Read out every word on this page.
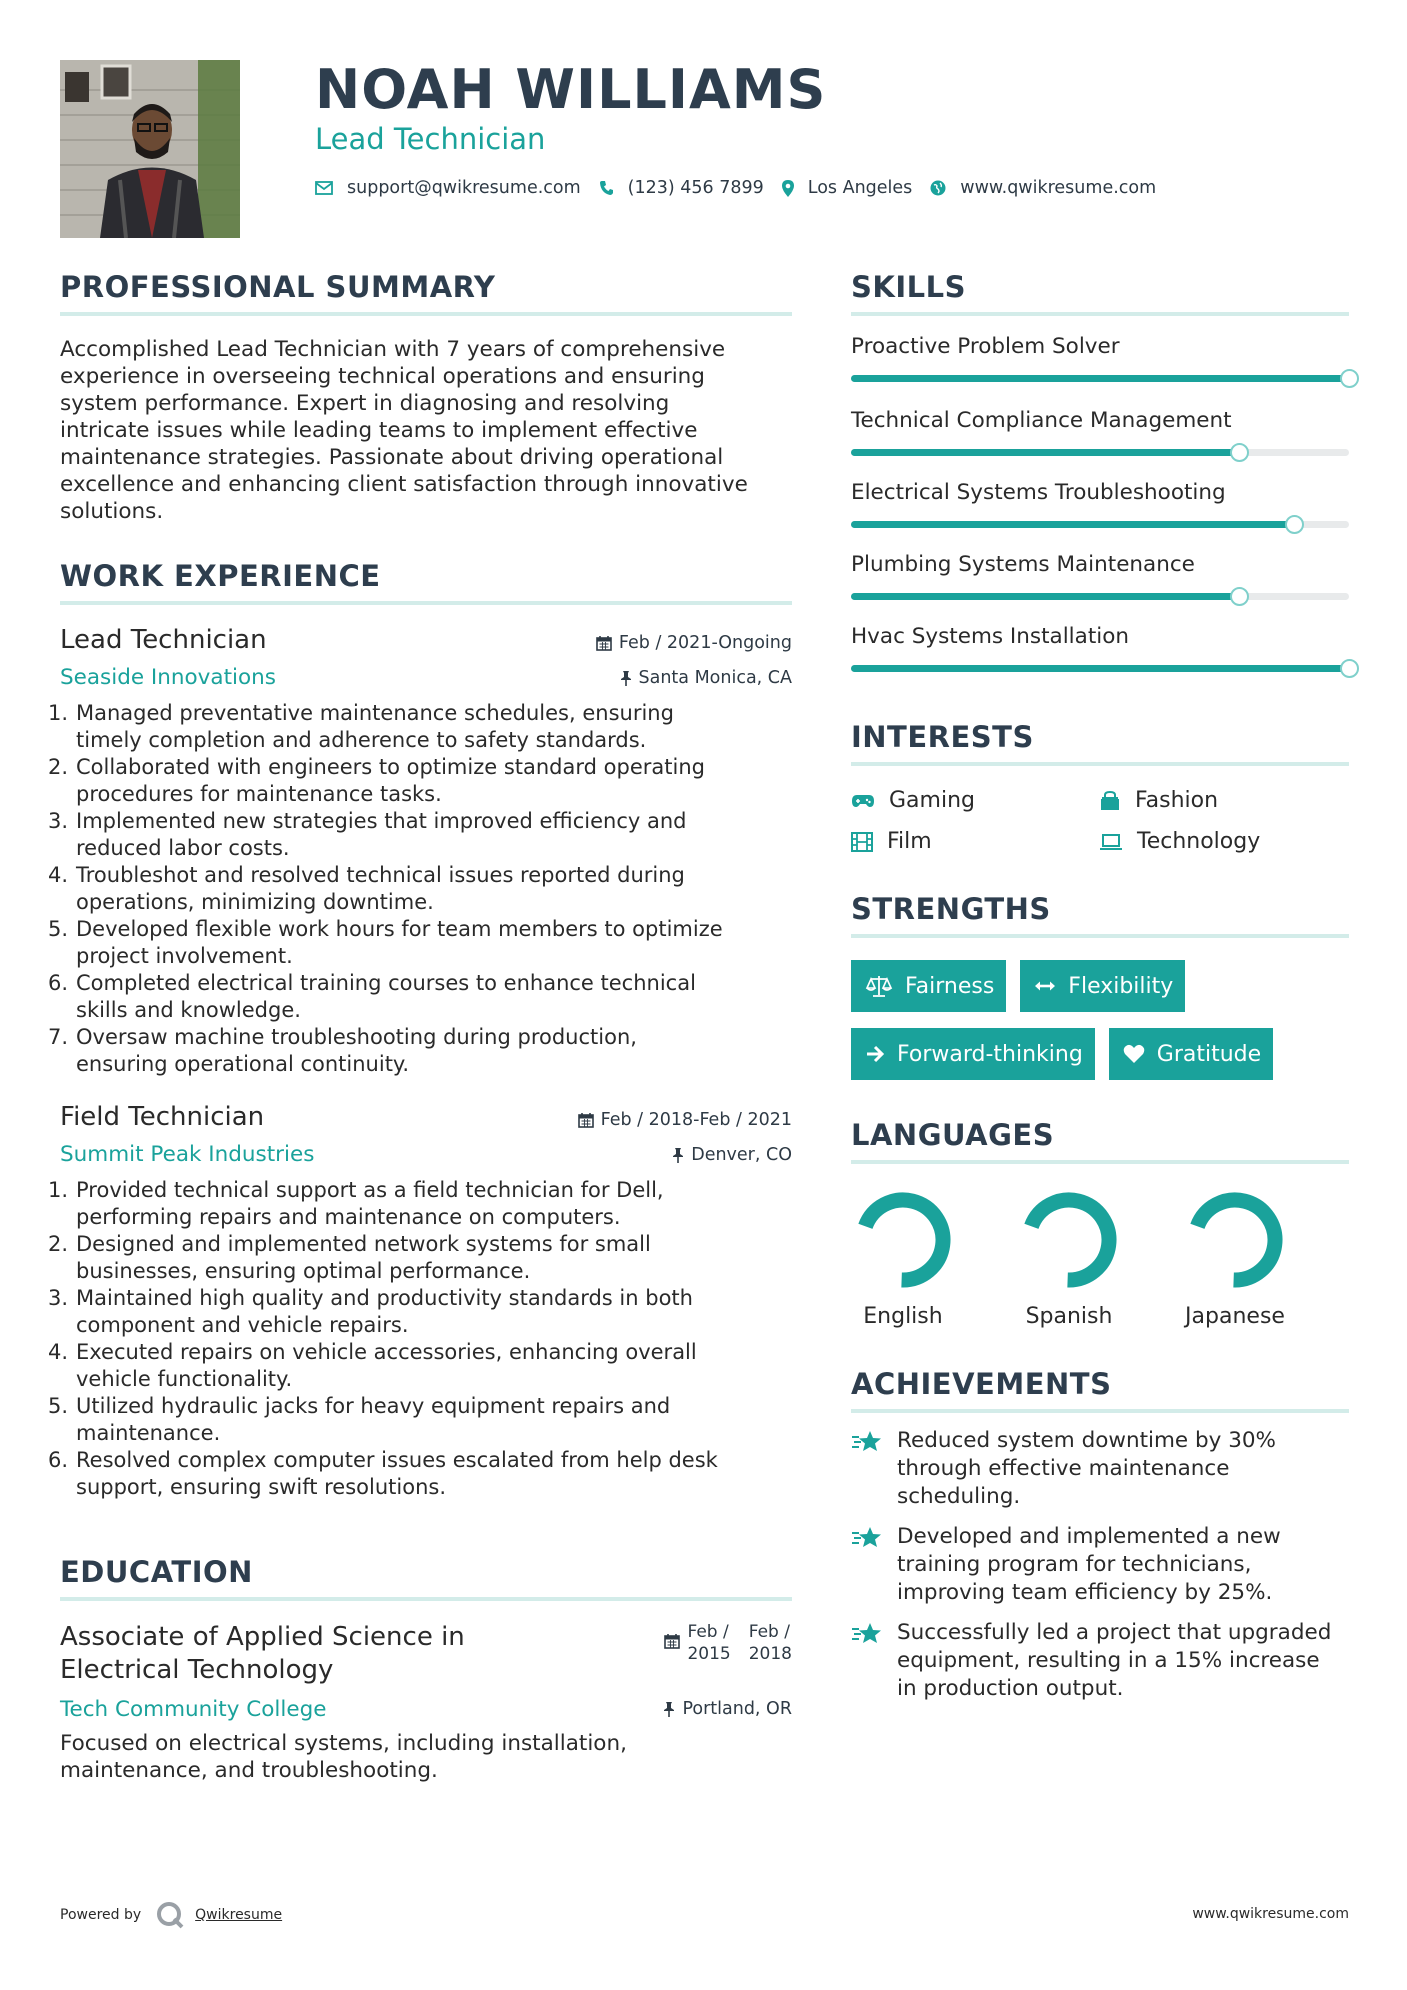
NOAH WILLIAMS
Lead Technician
support@qwikresume.com	(123) 456 7899	Los Angeles	www.qwikresume.com
PROFESSIONAL SUMMARY
Accomplished Lead Technician with 7 years of comprehensive
experience in overseeing technical operations and ensuring
system performance. Expert in diagnosing and resolving
intricate issues while leading teams to implement effective
maintenance strategies. Passionate about driving operational
excellence and enhancing client satisfaction through innovative
solutions.
WORK EXPERIENCE
Lead Technician	Feb / 2021-Ongoing
Seaside Innovations	Santa Monica, CA
1. Managed preventative maintenance schedules, ensuring
timely completion and adherence to safety standards.
2. Collaborated with engineers to optimize standard operating
procedures for maintenance tasks.
3. Implemented new strategies that improved efficiency and
reduced labor costs.
4. Troubleshot and resolved technical issues reported during
operations, minimizing downtime.
5. Developed flexible work hours for team members to optimize
project involvement.
6. Completed electrical training courses to enhance technical
skills and knowledge.
7. Oversaw machine troubleshooting during production,
ensuring operational continuity.
Field Technician	Feb / 2018-Feb / 2021
Summit Peak Industries	Denver, CO
1. Provided technical support as a field technician for Dell,
performing repairs and maintenance on computers.
2. Designed and implemented network systems for small
businesses, ensuring optimal performance.
3. Maintained high quality and productivity standards in both
component and vehicle repairs.
4. Executed repairs on vehicle accessories, enhancing overall
vehicle functionality.
5. Utilized hydraulic jacks for heavy equipment repairs and
maintenance.
6. Resolved complex computer issues escalated from help desk
support, ensuring swift resolutions.
EDUCATION
Associate of Applied Science in
Electrical Technology
Feb /
2015
Feb /
2018
Tech Community College	Portland, OR
Focused on electrical systems, including installation,
maintenance, and troubleshooting.
SKILLS
Proactive Problem Solver
Technical Compliance Management
Electrical Systems Troubleshooting
Plumbing Systems Maintenance
Hvac Systems Installation
INTERESTS
Gaming	Fashion
Film	Technology
STRENGTHS
Fairness	Flexibility
Forward-thinking	Gratitude
LANGUAGES
English	Spanish	Japanese
ACHIEVEMENTS
Reduced system downtime by 30%
through effective maintenance
scheduling.
Developed and implemented a new
training program for technicians,
improving team efficiency by 25%.
Successfully led a project that upgraded
equipment, resulting in a 15% increase
in production output.
Powered by	Qwikresume	www.qwikresume.com
